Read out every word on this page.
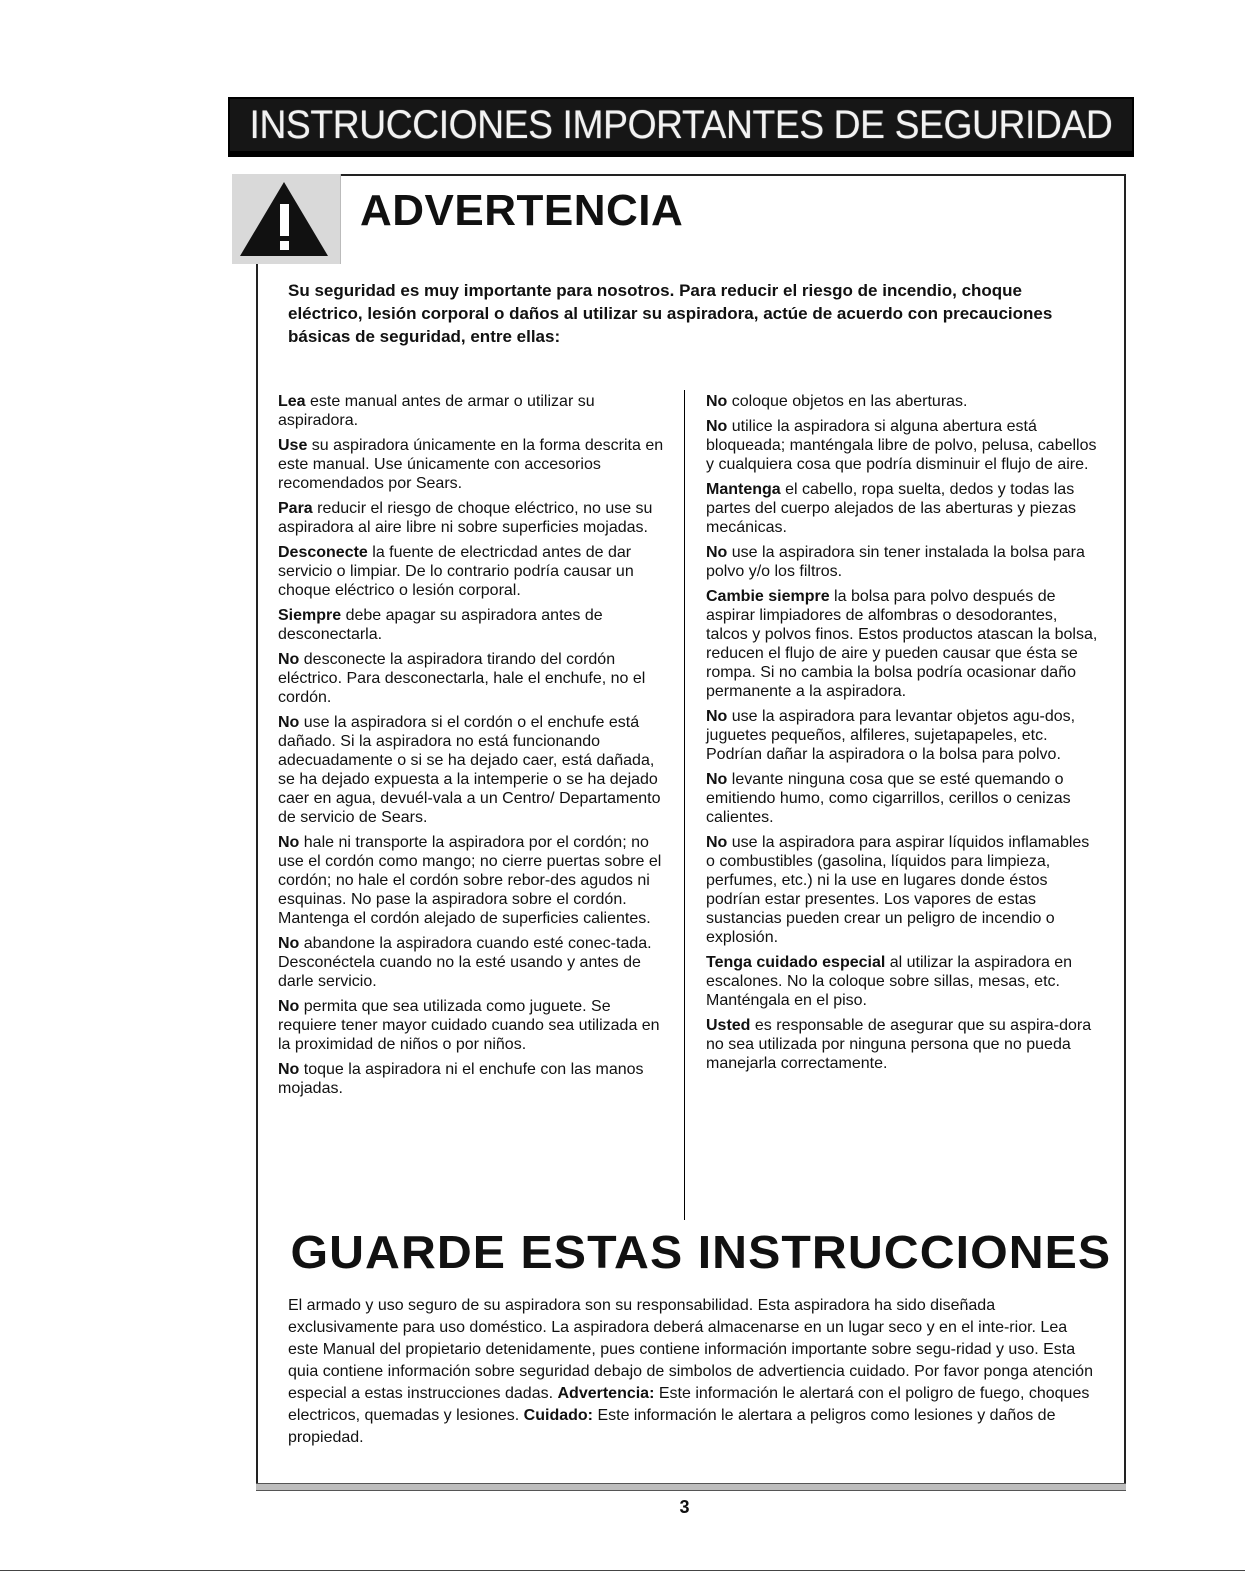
INSTRUCCIONES IMPORTANTES DE SEGURIDAD
ADVERTENCIA
Su seguridad es muy importante para nosotros. Para reducir el riesgo de incendio, choque eléctrico, lesión corporal o daños al utilizar su aspiradora, actúe de acuerdo con precauciones básicas de seguridad, entre ellas:
Lea este manual antes de armar o utilizar su aspiradora.
Use su aspiradora únicamente en la forma descrita en este manual. Use únicamente con accesorios recomendados por Sears.
Para reducir el riesgo de choque eléctrico, no use su aspiradora al aire libre ni sobre superficies mojadas.
Desconecte la fuente de electricdad antes de dar servicio o limpiar. De lo contrario podría causar un choque eléctrico o lesión corporal.
Siempre debe apagar su aspiradora antes de desconectarla.
No desconecte la aspiradora tirando del cordón eléctrico. Para desconectarla, hale el enchufe, no el cordón.
No use la aspiradora si el cordón o el enchufe está dañado. Si la aspiradora no está funcionando adecuadamente o si se ha dejado caer, está dañada, se ha dejado expuesta a la intemperie o se ha dejado caer en agua, devuél-vala a un Centro/ Departamento de servicio de Sears.
No hale ni transporte la aspiradora por el cordón; no use el cordón como mango; no cierre puertas sobre el cordón; no hale el cordón sobre rebor-des agudos ni esquinas. No pase la aspiradora sobre el cordón. Mantenga el cordón alejado de superficies calientes.
No abandone la aspiradora cuando esté conec-tada. Desconéctela cuando no la esté usando y antes de darle servicio.
No permita que sea utilizada como juguete. Se requiere tener mayor cuidado cuando sea utilizada en la proximidad de niños o por niños.
No toque la aspiradora ni el enchufe con las manos mojadas.
No coloque objetos en las aberturas.
No utilice la aspiradora si alguna abertura está bloqueada; manténgala libre de polvo, pelusa, cabellos y cualquiera cosa que podría disminuir el flujo de aire.
Mantenga el cabello, ropa suelta, dedos y todas las partes del cuerpo alejados de las aberturas y piezas mecánicas.
No use la aspiradora sin tener instalada la bolsa para polvo y/o los filtros.
Cambie siempre la bolsa para polvo después de aspirar limpiadores de alfombras o desodorantes, talcos y polvos finos. Estos productos atascan la bolsa, reducen el flujo de aire y pueden causar que ésta se rompa. Si no cambia la bolsa podría ocasionar daño permanente a la aspiradora.
No use la aspiradora para levantar objetos agu-dos, juguetes pequeños, alfileres, sujetapapeles, etc. Podrían dañar la aspiradora o la bolsa para polvo.
No levante ninguna cosa que se esté quemando o emitiendo humo, como cigarrillos, cerillos o cenizas calientes.
No use la aspiradora para aspirar líquidos inflamables o combustibles (gasolina, líquidos para limpieza, perfumes, etc.) ni la use en lugares donde éstos podrían estar presentes. Los vapores de estas sustancias pueden crear un peligro de incendio o explosión.
Tenga cuidado especial al utilizar la aspiradora en escalones. No la coloque sobre sillas, mesas, etc. Manténgala en el piso.
Usted es responsable de asegurar que su aspira-dora no sea utilizada por ninguna persona que no pueda manejarla correctamente.
GUARDE ESTAS INSTRUCCIONES
El armado y uso seguro de su aspiradora son su responsabilidad. Esta aspiradora ha sido diseñada exclusivamente para uso doméstico. La aspiradora deberá almacenarse en un lugar seco y en el inte-rior. Lea este Manual del propietario detenidamente, pues contiene información importante sobre segu-ridad y uso. Esta quia contiene información sobre seguridad debajo de simbolos de advertiencia cuidado. Por favor ponga atención especial a estas instrucciones dadas. Advertencia: Este información le alertará con el poligro de fuego, choques electricos, quemadas y lesiones. Cuidado: Este información le alertara a peligros como lesiones y daños de propiedad.
3
